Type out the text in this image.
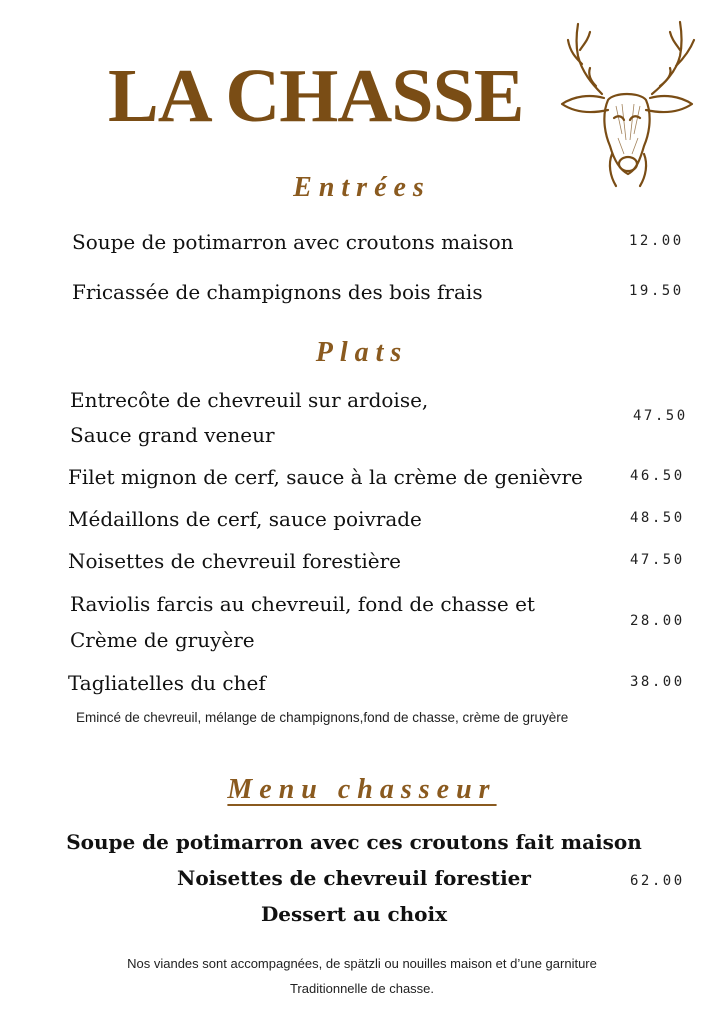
LA CHASSE
Entrées
Soupe de potimarron avec croutons maison	12.00
Fricassée de champignons des bois frais	19.50
Plats
Entrecôte de chevreuil sur ardoise,
Sauce grand veneur
47.50
Filet mignon de cerf, sauce à la crème de genièvre	46.50
Médaillons de cerf, sauce poivrade	48.50
Noisettes de chevreuil forestière	47.50
Raviolis farcis au chevreuil, fond de chasse et
Crème de gruyère
28.00
Tagliatelles du chef	38.00
Emincé de chevreuil, mélange de champignons,fond de chasse, crème de gruyère
Menu chasseur
Soupe de potimarron avec ces croutons fait maison
Noisettes de chevreuil forestier
Dessert au choix
62.00
Nos viandes sont accompagnées, de spätzli ou nouilles maison et d’une garniture
Traditionnelle de chasse.
